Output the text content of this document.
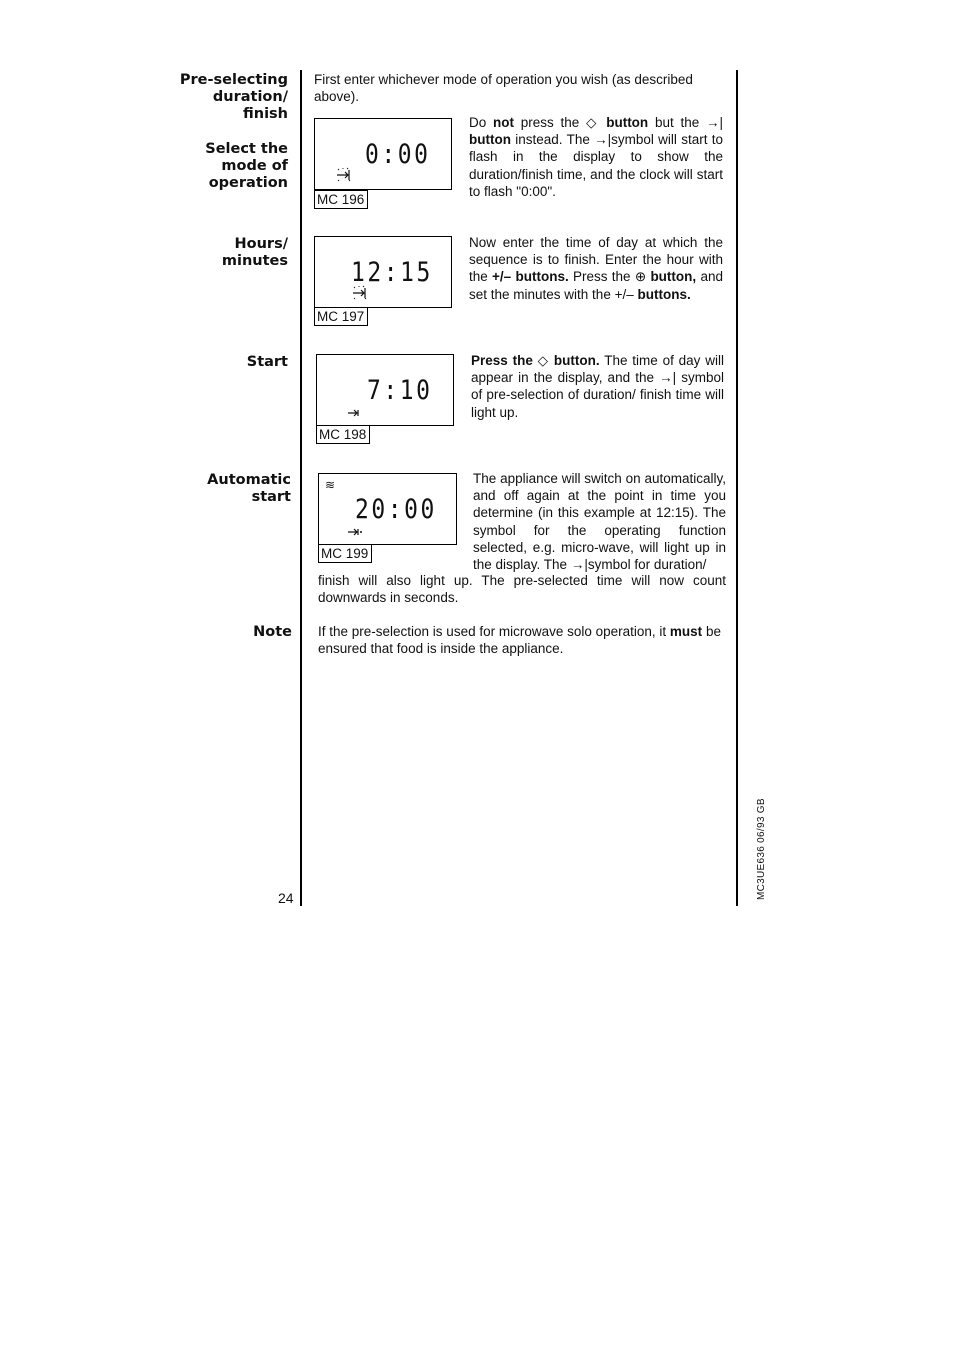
Pre-selecting
duration/
finish
Select the
mode of
operation
Hours/
minutes
Start
Automatic
start
Note
First enter whichever mode of operation you wish (as described above).
0:00
MC 196
Do not press the ◇ button but the →| button instead. The →|symbol will start to flash in the display to show the duration/finish time, and the clock will start to flash "0:00".
12:15
MC 197
Now enter the time of day at which the sequence is to finish. Enter the hour with the +/– buttons. Press the ⊕ button, and set the minutes with the +/– buttons.
7:10
MC 198
Press the ◇ button. The time of day will appear in the display, and the →| symbol of pre-selection of duration/ finish time will light up.
≋
20:00
MC 199
The appliance will switch on automatically, and off again at the point in time you determine (in this example at 12:15). The symbol for the operating function selected, e.g. micro-wave, will light up in the display. The →|symbol for duration/
finish will also light up. The pre-selected time will now count downwards in seconds.
If the pre-selection is used for microwave solo operation, it must be ensured that food is inside the appliance.
24	MC3UE636 06/93 GB
